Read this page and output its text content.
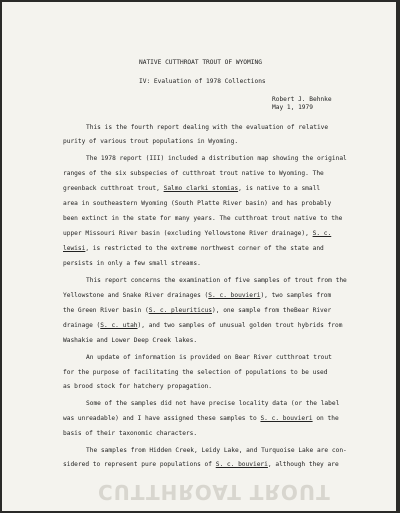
NATIVE CUTTHROAT TROUT OF WYOMING
IV: Evaluation of 1978 Collections
Robert J. Behnke
May 1, 1979
This is the fourth report dealing with the evaluation of relative
purity of various trout populations in Wyoming.
The 1978 report (III) included a distribution map showing the original
ranges of the six subspecies of cutthroat trout native to Wyoming. The
greenback cutthroat trout, Salmo clarki stomias, is native to a small
area in southeastern Wyoming (South Platte River basin) and has probably
been extinct in the state for many years. The cutthroat trout native to the
upper Missouri River basin (excluding Yellowstone River drainage), S. c.
lewisi, is restricted to the extreme northwest corner of the state and
persists in only a few small streams.
This report concerns the examination of five samples of trout from the
Yellowstone and Snake River drainages (S. c. bouvieri), two samples from
the Green River basin (S. c. pleuriticus), one sample from theBear River
drainage (S. c. utah), and two samples of unusual golden trout hybrids from
Washakie and Lower Deep Creek lakes.
An update of information is provided on Bear River cutthroat trout
for the purpose of facilitating the selection of populations to be used
as brood stock for hatchery propagation.
Some of the samples did not have precise locality data (or the label
was unreadable) and I have assigned these samples to S. c. bouvieri on the
basis of their taxonomic characters.
The samples from Hidden Creek, Leidy Lake, and Turquoise Lake are con-
sidered to represent pure populations of S. c. bouvieri, although they are
CUTTHROAT TROUT
